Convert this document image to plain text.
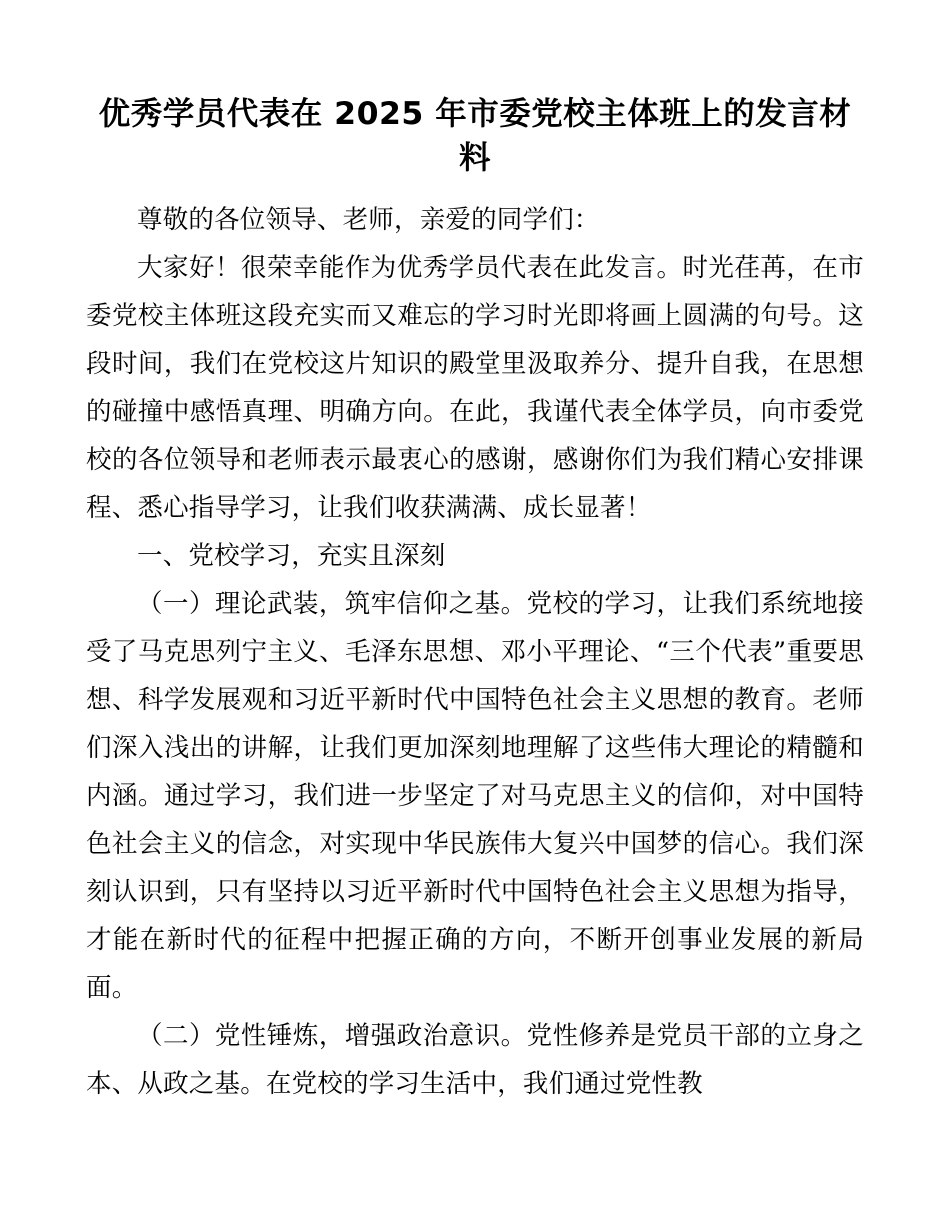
优秀学员代表在 2025 年市委党校主体班上的发言材料

尊敬的各位领导、老师，亲爱的同学们：

大家好！很荣幸能作为优秀学员代表在此发言。时光荏苒，在市委党校主体班这段充实而又难忘的学习时光即将画上圆满的句号。这段时间，我们在党校这片知识的殿堂里汲取养分、提升自我，在思想的碰撞中感悟真理、明确方向。在此，我谨代表全体学员，向市委党校的各位领导和老师表示最衷心的感谢，感谢你们为我们精心安排课程、悉心指导学习，让我们收获满满、成长显著！

一、党校学习，充实且深刻

（一）理论武装，筑牢信仰之基。党校的学习，让我们系统地接受了马克思列宁主义、毛泽东思想、邓小平理论、“三个代表”重要思想、科学发展观和习近平新时代中国特色社会主义思想的教育。老师们深入浅出的讲解，让我们更加深刻地理解了这些伟大理论的精髓和内涵。通过学习，我们进一步坚定了对马克思主义的信仰，对中国特色社会主义的信念，对实现中华民族伟大复兴中国梦的信心。我们深刻认识到，只有坚持以习近平新时代中国特色社会主义思想为指导，才能在新时代的征程中把握正确的方向，不断开创事业发展的新局面。

（二）党性锤炼，增强政治意识。党性修养是党员干部的立身之本、从政之基。在党校的学习生活中，我们通过党性教
